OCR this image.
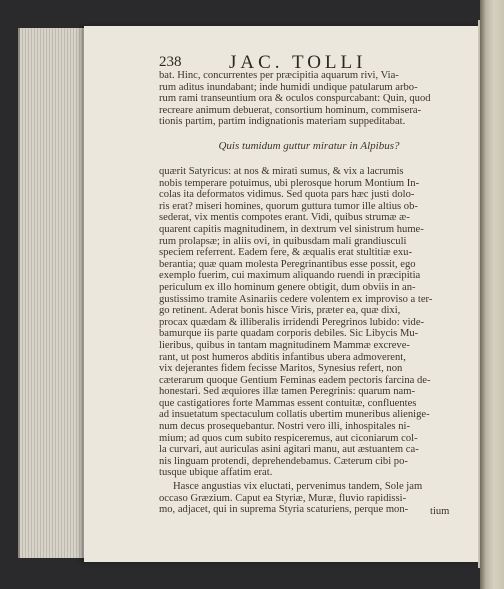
238	JAC. TOLLI
bat. Hinc, concurrentes per præcipitia aquarum rivi, Via-
rum aditus inundabant; inde humidi undique patularum arbo-
rum rami transeuntium ora & oculos conspurcabant: Quin, quod
recreare animum debuerat, consortium hominum, commisera-
tionis partim, partim indignationis materiam suppeditabat.
Quis tumidum guttur miratur in Alpibus?
quærit Satyricus: at nos & mirati sumus, & vix a lacrumis
nobis temperare potuimus, ubi plerosque horum Montium In-
colas ita deformatos vidimus. Sed quota pars hæc justi dolo-
ris erat? miseri homines, quorum guttura tumor ille altius ob-
sederat, vix mentis compotes erant. Vidi, quibus strumæ æ-
quarent capitis magnitudinem, in dextrum vel sinistrum hume-
rum prolapsæ; in aliis ovi, in quibusdam mali grandiusculi
speciem referrent. Eadem fere, & æqualis erat stultitiæ exu-
berantia; quæ quam molesta Peregrinantibus esse possit, ego
exemplo fuerim, cui maximum aliquando ruendi in præcipitia
periculum ex illo hominum genere obtigit, dum obviis in an-
gustissimo tramite Asinariis cedere volentem ex improviso a ter-
go retinent. Aderat bonis hisce Viris, præter ea, quæ dixi,
procax quædam & illiberalis irridendi Peregrinos lubido: vide-
bamurque iis parte quadam corporis debiles. Sic Libycis Mu-
lieribus, quibus in tantam magnitudinem Mammæ excreve-
rant, ut post humeros abditis infantibus ubera admoverent,
vix dejerantes fidem fecisse Maritos, Synesius refert, non
cæterarum quoque Gentium Feminas eadem pectoris farcina de-
honestari. Sed æquiores illæ tamen Peregrinis: quarum nam-
que castigatiores forte Mammas essent contuitæ, confluentes
ad insuetatum spectaculum collatis ubertim muneribus alienige-
num decus prosequebantur. Nostri vero illi, inhospitales ni-
mium; ad quos cum subito respiceremus, aut ciconiarum col-
la curvari, aut auriculas asini agitari manu, aut æstuantem ca-
nis linguam protendi, deprehendebamus. Cæterum cibi po-
tusque ubique affatim erat.
Hasce angustias vix eluctati, pervenimus tandem, Sole jam
occaso Græzium. Caput ea Styriæ, Muræ, fluvio rapidissi-
mo, adjacet, qui in suprema Styria scaturiens, perque mon-	tium
